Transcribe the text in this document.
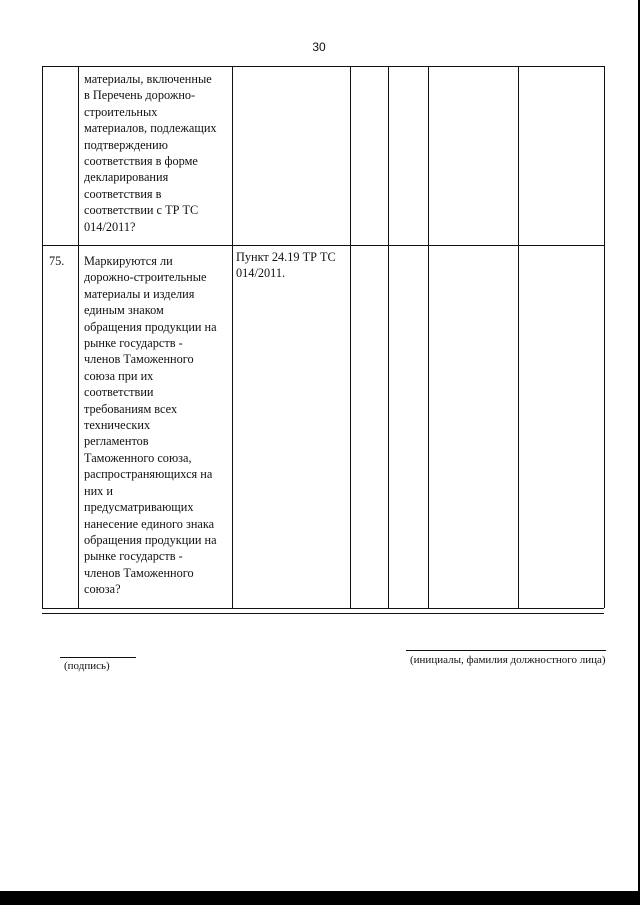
30

материалы, включенные
в Перечень дорожно-
строительных
материалов, подлежащих
подтверждению
соответствия в форме
декларирования
соответствия в
соответствии с ТР ТС
014/2011?

75. Маркируются ли
дорожно-строительные
материалы и изделия
единым знаком
обращения продукции на
рынке государств -
членов Таможенного
союза при их
соответствии
требованиям всех
технических
регламентов
Таможенного союза,
распространяющихся на
них и
предусматривающих
нанесение единого знака
обращения продукции на
рынке государств -
членов Таможенного
союза?

Пункт 24.19 ТР ТС
014/2011.

(подпись)	(инициалы, фамилия должностного лица)
